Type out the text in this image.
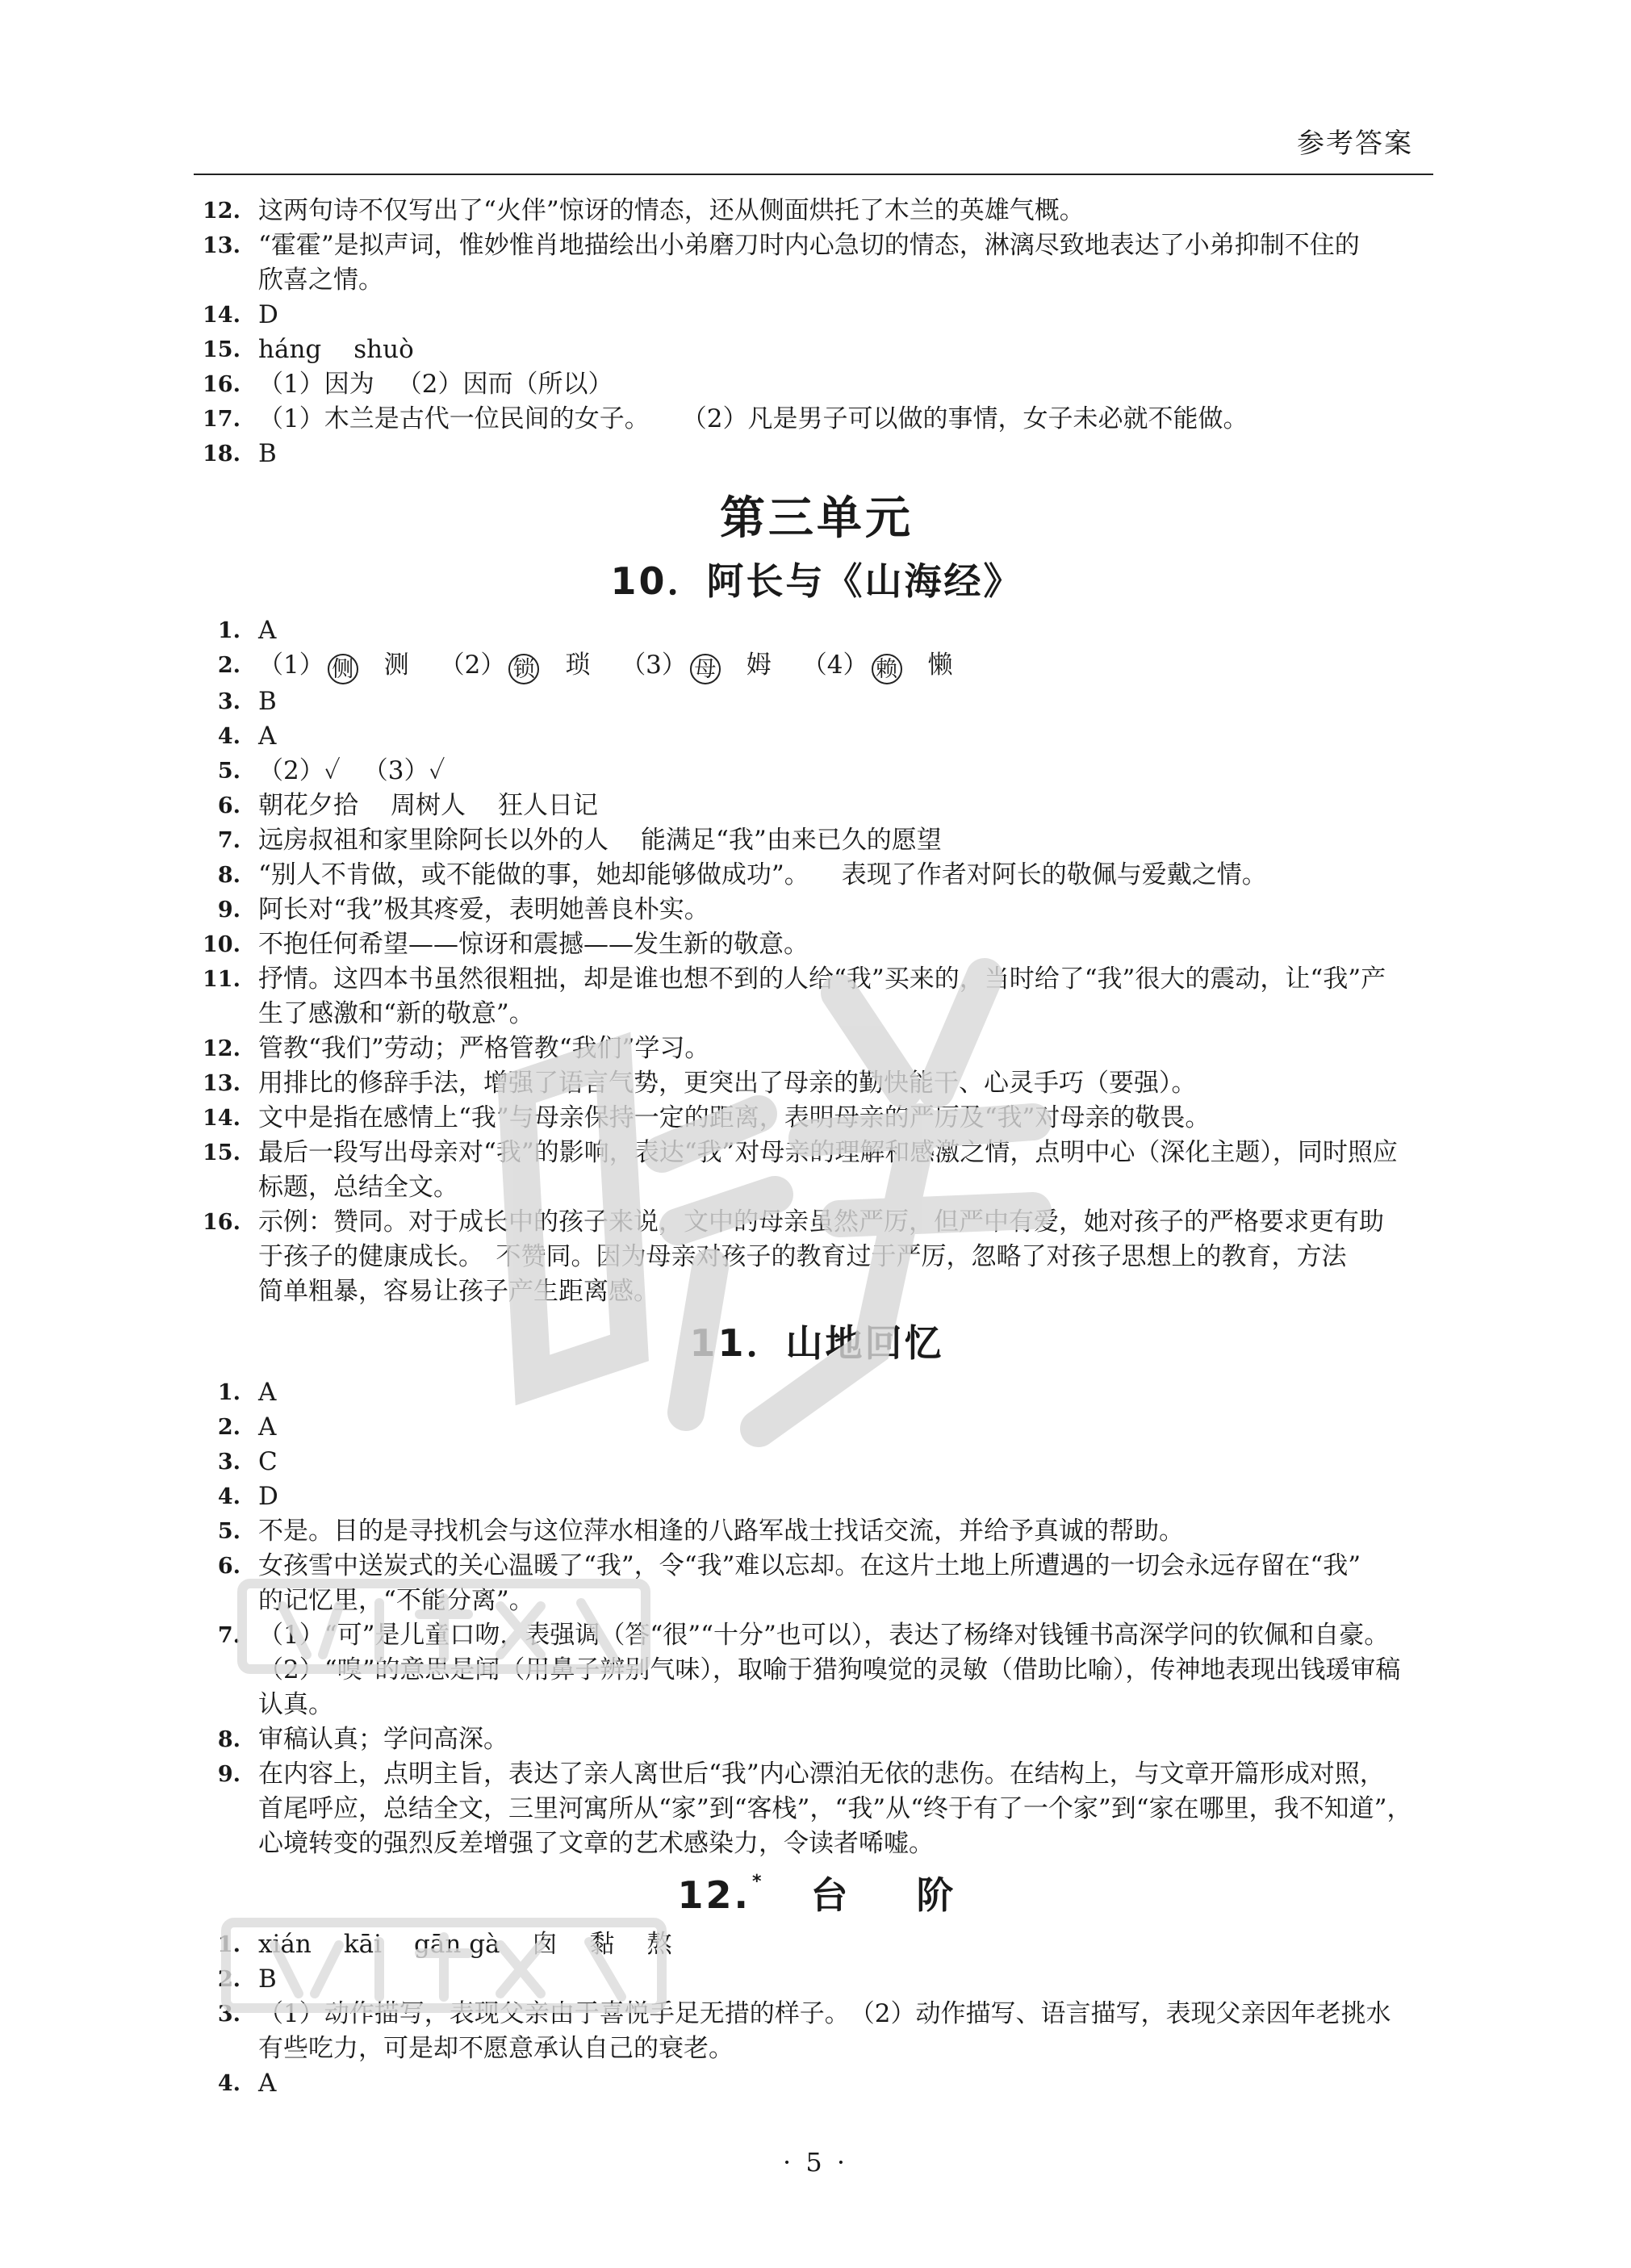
参考答案
12. 这两句诗不仅写出了“火伴”惊讶的情态，还从侧面烘托了木兰的英雄气概。
13. “霍霍”是拟声词，惟妙惟肖地描绘出小弟磨刀时内心急切的情态，淋漓尽致地表达了小弟抑制不住的
欣喜之情。
14. D
15. háng shuò
16. （1）因为 （2）因而（所以）
17. （1）木兰是古代一位民间的女子。 （2）凡是男子可以做的事情，女子未必就不能做。
18. B
第三单元
10．阿长与《山海经》
1. A
2. （1） 侧 测 （2） 锁 琐 （3） 母 姆 （4） 赖 懒
3. B
4. A
5. （2）✓ （3）✓
6. 朝花夕拾 周树人 狂人日记
7. 远房叔祖和家里除阿长以外的人 能满足“我”由来已久的愿望
8. “别人不肯做，或不能做的事，她却能够做成功”。 表现了作者对阿长的敬佩与爱戴之情。
9. 阿长对“我”极其疼爱，表明她善良朴实。
10. 不抱任何希望——惊讶和震撼——发生新的敬意。
11. 抒情。这四本书虽然很粗拙，却是谁也想不到的人给“我”买来的，当时给了“我”很大的震动，让“我”产
生了感激和“新的敬意”。
12. 管教“我们”劳动；严格管教“我们”学习。
13. 用排比的修辞手法，增强了语言气势，更突出了母亲的勤快能干、心灵手巧（要强）。
14. 文中是指在感情上“我”与母亲保持一定的距离，表明母亲的严厉及“我”对母亲的敬畏。
15. 最后一段写出母亲对“我”的影响，表达“我”对母亲的理解和感激之情，点明中心（深化主题），同时照应
标题，总结全文。
16. 示例：赞同。对于成长中的孩子来说，文中的母亲虽然严厉，但严中有爱，她对孩子的严格要求更有助
于孩子的健康成长。　不赞同。因为母亲对孩子的教育过于严厉，忽略了对孩子思想上的教育，方法
简单粗暴，容易让孩子产生距离感。
11．山地回忆
1. A
2. A
3. C
4. D
5. 不是。目的是寻找机会与这位萍水相逢的八路军战士找话交流，并给予真诚的帮助。
6. 女孩雪中送炭式的关心温暖了“我”，令“我”难以忘却。在这片土地上所遭遇的一切会永远存留在“我”
的记忆里，“不能分离”。
7. （1）“可”是儿童口吻，表强调（答“很”“十分”也可以），表达了杨绛对钱锺书高深学问的钦佩和自豪。
（2）“嗅”的意思是闻（用鼻子辨别气味），取喻于猎狗嗅觉的灵敏（借助比喻），传神地表现出钱瑗审稿
认真。
8. 审稿认真；学问高深。
9. 在内容上，点明主旨，表达了亲人离世后“我”内心漂泊无依的悲伤。在结构上，与文章开篇形成对照，
首尾呼应，总结全文，三里河寓所从“家”到“客栈”，“我”从“终于有了一个家”到“家在哪里，我不知道”，
心境转变的强烈反差增强了文章的艺术感染力，令读者唏嘘。
12.* 台 阶
1. xián kāi gān gà 囱 黏 熬
2. B
3. （1）动作描写，表现父亲由于喜悦手足无措的样子。　（2）动作描写、语言描写，表现父亲因年老挑水
有些吃力，可是却不愿意承认自己的衰老。
4. A
· 5 ·
